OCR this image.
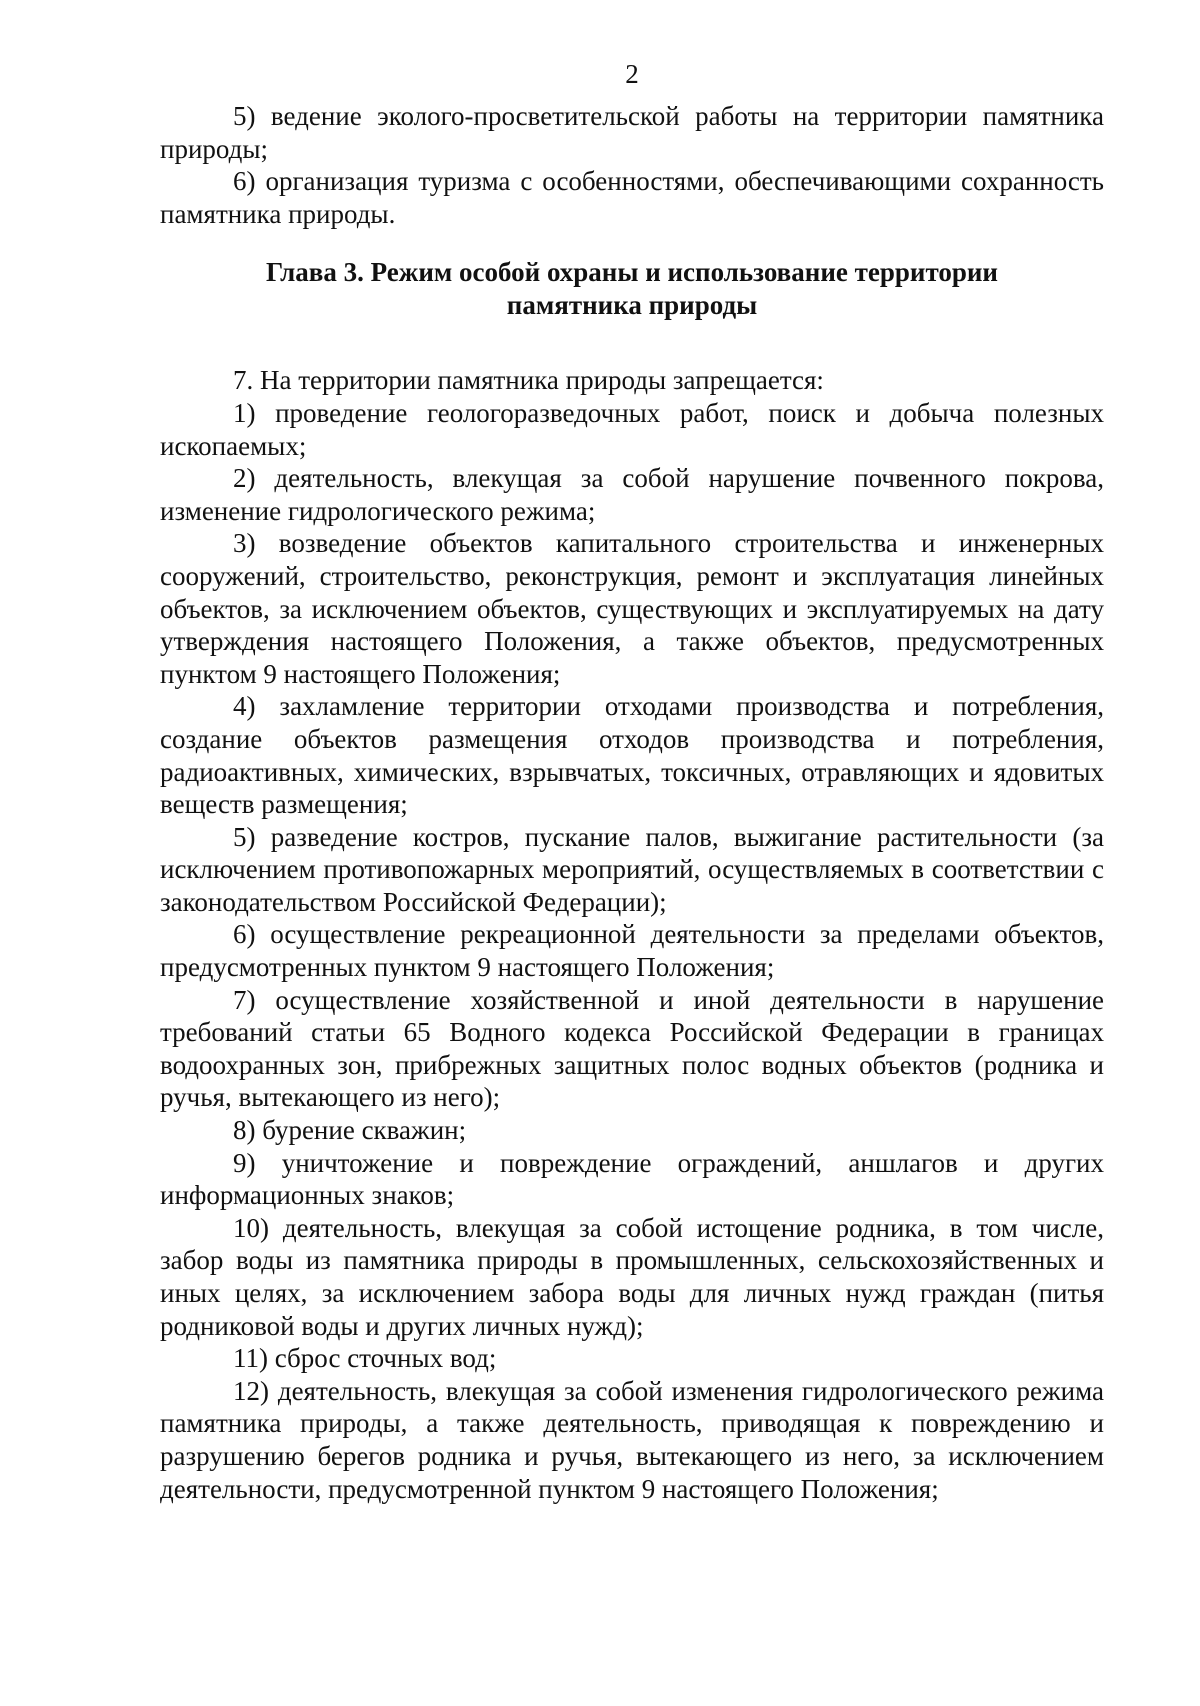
2

5) ведение эколого-просветительской работы на территории памятника природы;

6) организация туризма с особенностями, обеспечивающими сохранность памятника природы.

Глава 3. Режим особой охраны и использование территории
памятника природы

7. На территории памятника природы запрещается:

1) проведение геологоразведочных работ, поиск и добыча полезных ископаемых;

2) деятельность, влекущая за собой нарушение почвенного покрова, изменение гидрологического режима;

3) возведение объектов капитального строительства и инженерных сооружений, строительство, реконструкция, ремонт и эксплуатация линейных объектов, за исключением объектов, существующих и эксплуатируемых на дату утверждения настоящего Положения, а также объектов, предусмотренных пунктом 9 настоящего Положения;

4) захламление территории отходами производства и потребления, создание объектов размещения отходов производства и потребления, радиоактивных, химических, взрывчатых, токсичных, отравляющих и ядовитых веществ размещения;

5) разведение костров, пускание палов, выжигание растительности (за исключением противопожарных мероприятий, осуществляемых в соответствии с законодательством Российской Федерации);

6) осуществление рекреационной деятельности за пределами объектов, предусмотренных пунктом 9 настоящего Положения;

7) осуществление хозяйственной и иной деятельности в нарушение требований статьи 65 Водного кодекса Российской Федерации в границах водоохранных зон, прибрежных защитных полос водных объектов (родника и ручья, вытекающего из него);

8) бурение скважин;

9) уничтожение и повреждение ограждений, аншлагов и других информационных знаков;

10) деятельность, влекущая за собой истощение родника, в том числе, забор воды из памятника природы в промышленных, сельскохозяйственных и иных целях, за исключением забора воды для личных нужд граждан (питья родниковой воды и других личных нужд);

11) сброс сточных вод;

12) деятельность, влекущая за собой изменения гидрологического режима памятника природы, а также деятельность, приводящая к повреждению и разрушению берегов родника и ручья, вытекающего из него, за исключением деятельности, предусмотренной пунктом 9 настоящего Положения;
